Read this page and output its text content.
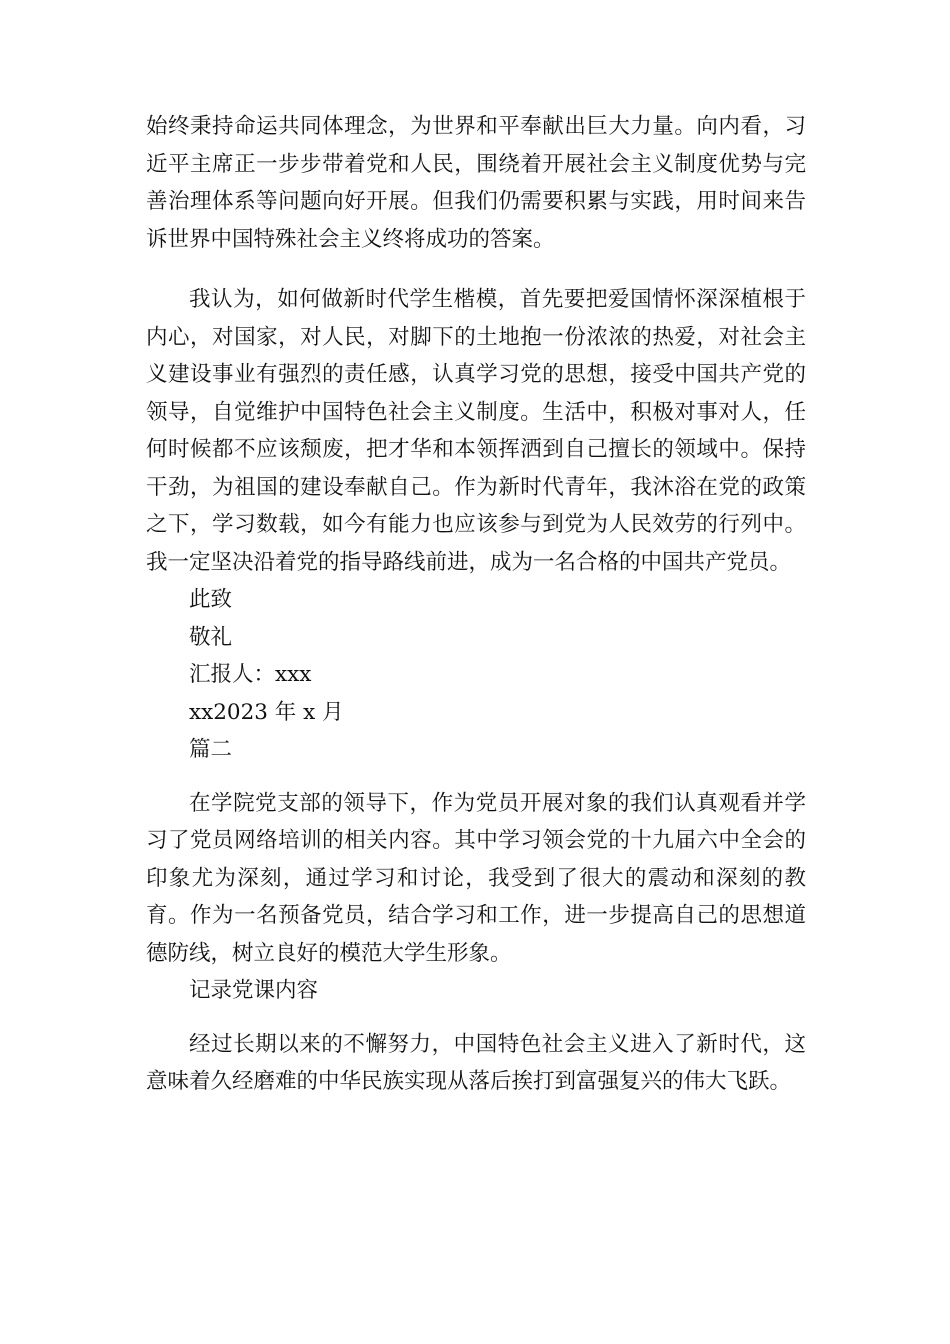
始终秉持命运共同体理念，为世界和平奉献出巨大力量。向内看，习近平主席正一步步带着党和人民，围绕着开展社会主义制度优势与完善治理体系等问题向好开展。但我们仍需要积累与实践，用时间来告诉世界中国特殊社会主义终将成功的答案。

我认为，如何做新时代学生楷模，首先要把爱国情怀深深植根于内心，对国家，对人民，对脚下的土地抱一份浓浓的热爱，对社会主义建设事业有强烈的责任感，认真学习党的思想，接受中国共产党的领导，自觉维护中国特色社会主义制度。生活中，积极对事对人，任何时候都不应该颓废，把才华和本领挥洒到自己擅长的领域中。保持干劲，为祖国的建设奉献自己。作为新时代青年，我沐浴在党的政策之下，学习数载，如今有能力也应该参与到党为人民效劳的行列中。我一定坚决沿着党的指导路线前进，成为一名合格的中国共产党员。

此致

敬礼

汇报人：xxx

xx2023 年 x 月

篇二

在学院党支部的领导下，作为党员开展对象的我们认真观看并学习了党员网络培训的相关内容。其中学习领会党的十九届六中全会的印象尤为深刻，通过学习和讨论，我受到了很大的震动和深刻的教育。作为一名预备党员，结合学习和工作，进一步提高自己的思想道德防线，树立良好的模范大学生形象。

记录党课内容

经过长期以来的不懈努力，中国特色社会主义进入了新时代，这意味着久经磨难的中华民族实现从落后挨打到富强复兴的伟大飞跃。
